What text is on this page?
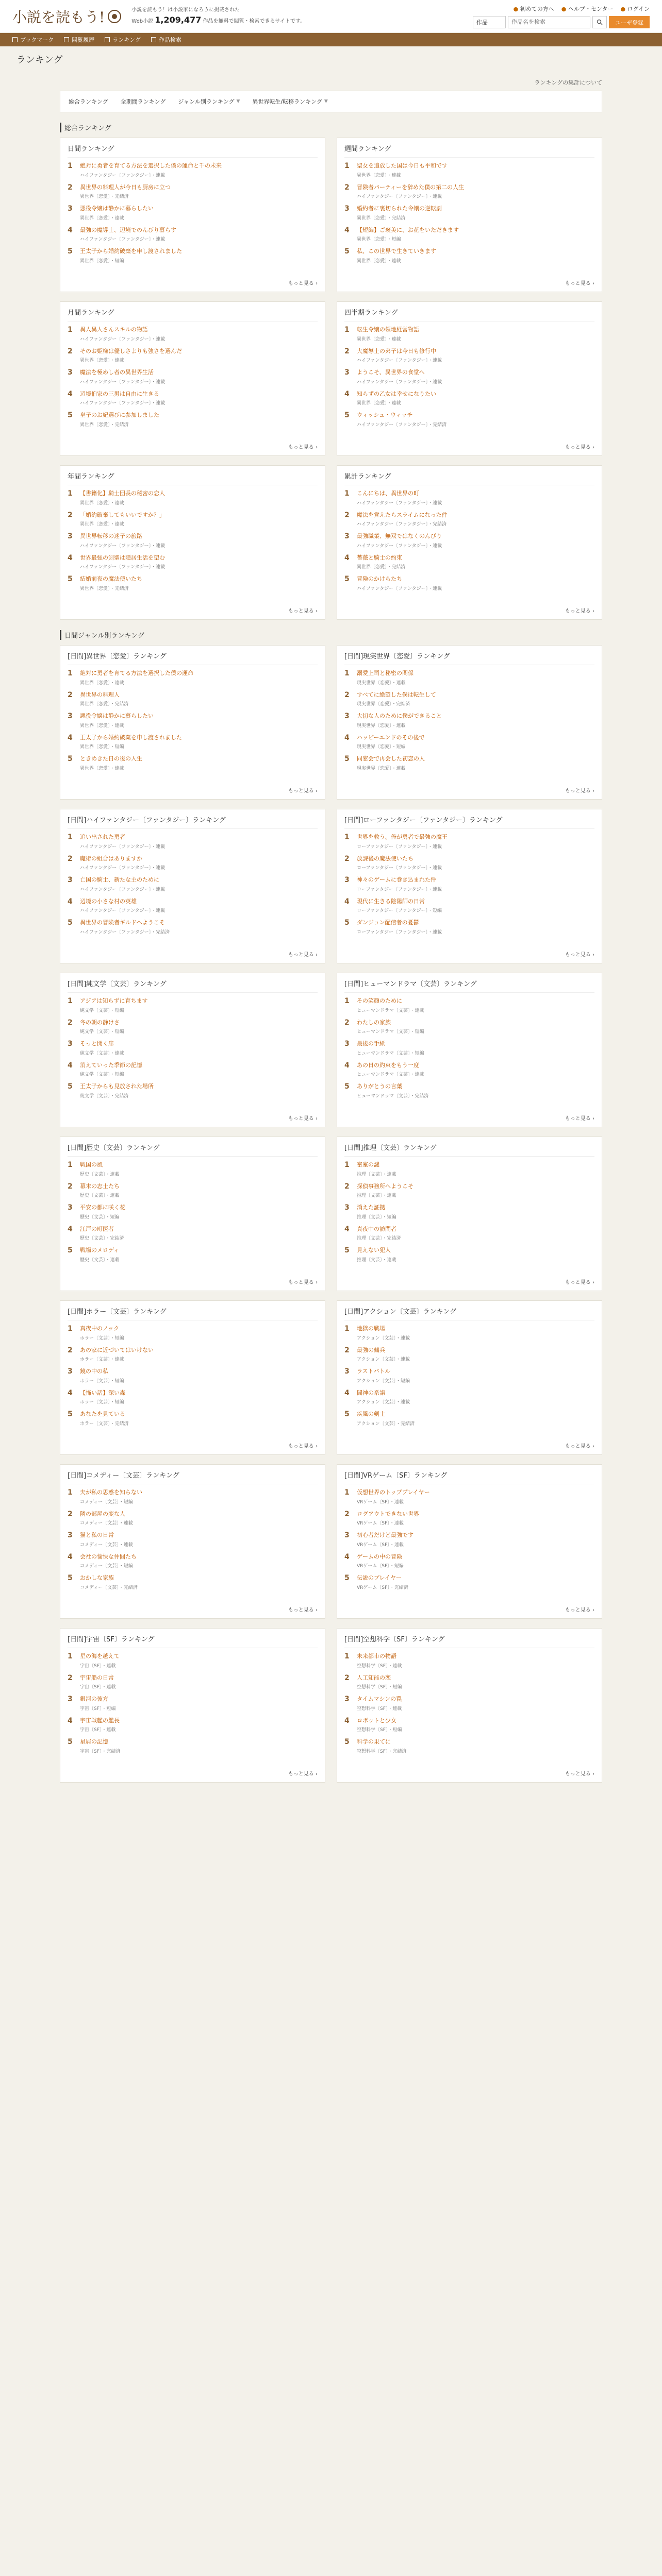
小説を読もう!	小説を読もう！は小説家になろうに掲載された
Web小説 1,209,477 作品を無料で閲覧・検索できるサイトです。
● 初めての方へ ● ヘルプ・センター ● ログイン
作品
作品名を検索	ユーザ登録
ブックマーク	閲覧履歴	ランキング	作品検索
ランキング
ランキングの集計について
総合ランキング 全期間ランキング ジャンル別ランキング ▼ 異世界転生/転移ランキング ▼
総合ランキング
日間ランキング
1	絶対に勇者を育てる方法を選択した僕の運命と千の未来
ハイファンタジー〔ファンタジー〕・連載
2	異世界の料理人が今日も厨房に立つ
異世界〔恋愛〕・完結済
3	悪役令嬢は静かに暮らしたい
異世界〔恋愛〕・連載
4	最強の魔導士、辺境でのんびり暮らす
ハイファンタジー〔ファンタジー〕・連載
5	王太子から婚約破棄を申し渡されました
異世界〔恋愛〕・短編
もっと見る ›
週間ランキング
1	聖女を追放した国は今日も平和です
異世界〔恋愛〕・連載
2	冒険者パーティーを辞めた僕の第二の人生
ハイファンタジー〔ファンタジー〕・連載
3	婚約者に裏切られた令嬢の逆転劇
異世界〔恋愛〕・完結済
4	【短編】ご褒美に、お花をいただきます
異世界〔恋愛〕・短編
5	私、この世界で生きていきます
異世界〔恋愛〕・連載
もっと見る ›
月間ランキング
1	異人異人さんスキルの物語
ハイファンタジー〔ファンタジー〕・連載
2	そのお姫様は優しさよりも強さを選んだ
異世界〔恋愛〕・連載
3	魔法を極めし者の異世界生活
ハイファンタジー〔ファンタジー〕・連載
4	辺境伯家の三男は自由に生きる
ハイファンタジー〔ファンタジー〕・連載
5	皇子のお妃選びに参加しました
異世界〔恋愛〕・完結済
もっと見る ›
四半期ランキング
1	転生令嬢の領地経営物語
異世界〔恋愛〕・連載
2	大魔導士の弟子は今日も修行中
ハイファンタジー〔ファンタジー〕・連載
3	ようこそ、異世界の食堂へ
ハイファンタジー〔ファンタジー〕・連載
4	知らずの乙女は幸せになりたい
異世界〔恋愛〕・連載
5	ウィッシュ・ウィッチ
ハイファンタジー〔ファンタジー〕・完結済
もっと見る ›
年間ランキング
1	【書籍化】騎士団長の秘密の恋人
異世界〔恋愛〕・連載
2	「婚約破棄してもいいですか？」
異世界〔恋愛〕・連載
3	異世界転移の迷子の旅路
ハイファンタジー〔ファンタジー〕・連載
4	世界最強の剣聖は隠居生活を望む
ハイファンタジー〔ファンタジー〕・連載
5	結婚前夜の魔法使いたち
異世界〔恋愛〕・完結済
もっと見る ›
累計ランキング
1	こんにちは、異世界の町
ハイファンタジー〔ファンタジー〕・連載
2	魔法を覚えたらスライムになった件
ハイファンタジー〔ファンタジー〕・完結済
3	最強職業、無双ではなくのんびり
ハイファンタジー〔ファンタジー〕・連載
4	薔薇と騎士の約束
異世界〔恋愛〕・完結済
5	冒険のかけらたち
ハイファンタジー〔ファンタジー〕・連載
もっと見る ›
日間ジャンル別ランキング
[日間]異世界〔恋愛〕ランキング
1	絶対に勇者を育てる方法を選択した僕の運命
異世界〔恋愛〕・連載
2	異世界の料理人
異世界〔恋愛〕・完結済
3	悪役令嬢は静かに暮らしたい
異世界〔恋愛〕・連載
4	王太子から婚約破棄を申し渡されました
異世界〔恋愛〕・短編
5	ときめきた日の後の人生
異世界〔恋愛〕・連載
もっと見る ›
[日間]現実世界〔恋愛〕ランキング
1	溺愛上司と秘密の関係
現実世界〔恋愛〕・連載
2	すべてに絶望した僕は転生して
現実世界〔恋愛〕・完結済
3	大切な人のために僕ができること
現実世界〔恋愛〕・連載
4	ハッピーエンドのその後で
現実世界〔恋愛〕・短編
5	同窓会で再会した初恋の人
現実世界〔恋愛〕・連載
もっと見る ›
[日間]ハイファンタジー〔ファンタジー〕ランキング
1	追い出された勇者
ハイファンタジー〔ファンタジー〕・連載
2	魔術の組合はありますか
ハイファンタジー〔ファンタジー〕・連載
3	亡国の騎士、新たな主のために
ハイファンタジー〔ファンタジー〕・連載
4	辺境の小さな村の英雄
ハイファンタジー〔ファンタジー〕・連載
5	異世界の冒険者ギルドへようこそ
ハイファンタジー〔ファンタジー〕・完結済
もっと見る ›
[日間]ローファンタジー〔ファンタジー〕ランキング
1	世界を救う。俺が勇者で最強の魔王
ローファンタジー〔ファンタジー〕・連載
2	放課後の魔法使いたち
ローファンタジー〔ファンタジー〕・連載
3	神々のゲームに巻き込まれた件
ローファンタジー〔ファンタジー〕・連載
4	現代に生きる陰陽師の日常
ローファンタジー〔ファンタジー〕・短編
5	ダンジョン配信者の憂鬱
ローファンタジー〔ファンタジー〕・連載
もっと見る ›
[日間]純文学〔文芸〕ランキング
1	アジアは知らずに育ちます
純文学〔文芸〕・短編
2	冬の朝の静けさ
純文学〔文芸〕・短編
3	そっと開く扉
純文学〔文芸〕・連載
4	消えていった季節の記憶
純文学〔文芸〕・短編
5	王太子からも見放された場所
純文学〔文芸〕・完結済
もっと見る ›
[日間]ヒューマンドラマ〔文芸〕ランキング
1	その笑顔のために
ヒューマンドラマ〔文芸〕・連載
2	わたしの家族
ヒューマンドラマ〔文芸〕・短編
3	最後の手紙
ヒューマンドラマ〔文芸〕・短編
4	あの日の約束をもう一度
ヒューマンドラマ〔文芸〕・連載
5	ありがとうの言葉
ヒューマンドラマ〔文芸〕・完結済
もっと見る ›
[日間]歴史〔文芸〕ランキング
1	戦国の風
歴史〔文芸〕・連載
2	幕末の志士たち
歴史〔文芸〕・連載
3	平安の都に咲く花
歴史〔文芸〕・短編
4	江戸の町医者
歴史〔文芸〕・完結済
5	戦場のメロディ
歴史〔文芸〕・連載
もっと見る ›
[日間]推理〔文芸〕ランキング
1	密室の謎
推理〔文芸〕・連載
2	探偵事務所へようこそ
推理〔文芸〕・連載
3	消えた証拠
推理〔文芸〕・短編
4	真夜中の訪問者
推理〔文芸〕・完結済
5	見えない犯人
推理〔文芸〕・連載
もっと見る ›
[日間]ホラー〔文芸〕ランキング
1	真夜中のノック
ホラー〔文芸〕・短編
2	あの家に近づいてはいけない
ホラー〔文芸〕・連載
3	鏡の中の私
ホラー〔文芸〕・短編
4	【怖い話】深い森
ホラー〔文芸〕・短編
5	あなたを見ている
ホラー〔文芸〕・完結済
もっと見る ›
[日間]アクション〔文芸〕ランキング
1	地獄の戦場
アクション〔文芸〕・連載
2	最強の傭兵
アクション〔文芸〕・連載
3	ラストバトル
アクション〔文芸〕・短編
4	闘神の系譜
アクション〔文芸〕・連載
5	疾風の剣士
アクション〔文芸〕・完結済
もっと見る ›
[日間]コメディー〔文芸〕ランキング
1	夫が私の思惑を知らない
コメディー〔文芸〕・短編
2	隣の部屋の変な人
コメディー〔文芸〕・連載
3	猫と私の日常
コメディー〔文芸〕・連載
4	会社の愉快な仲間たち
コメディー〔文芸〕・短編
5	おかしな家族
コメディー〔文芸〕・完結済
もっと見る ›
[日間]VRゲーム〔SF〕ランキング
1	仮想世界のトッププレイヤー
VRゲーム〔SF〕・連載
2	ログアウトできない世界
VRゲーム〔SF〕・連載
3	初心者だけど最強です
VRゲーム〔SF〕・連載
4	ゲームの中の冒険
VRゲーム〔SF〕・短編
5	伝説のプレイヤー
VRゲーム〔SF〕・完結済
もっと見る ›
[日間]宇宙〔SF〕ランキング
1	星の海を越えて
宇宙〔SF〕・連載
2	宇宙船の日常
宇宙〔SF〕・連載
3	銀河の彼方
宇宙〔SF〕・短編
4	宇宙戦艦の艦長
宇宙〔SF〕・連載
5	星屑の記憶
宇宙〔SF〕・完結済
もっと見る ›
[日間]空想科学〔SF〕ランキング
1	未来都市の物語
空想科学〔SF〕・連載
2	人工知能の恋
空想科学〔SF〕・短編
3	タイムマシンの罠
空想科学〔SF〕・連載
4	ロボットと少女
空想科学〔SF〕・短編
5	科学の果てに
空想科学〔SF〕・完結済
もっと見る ›
